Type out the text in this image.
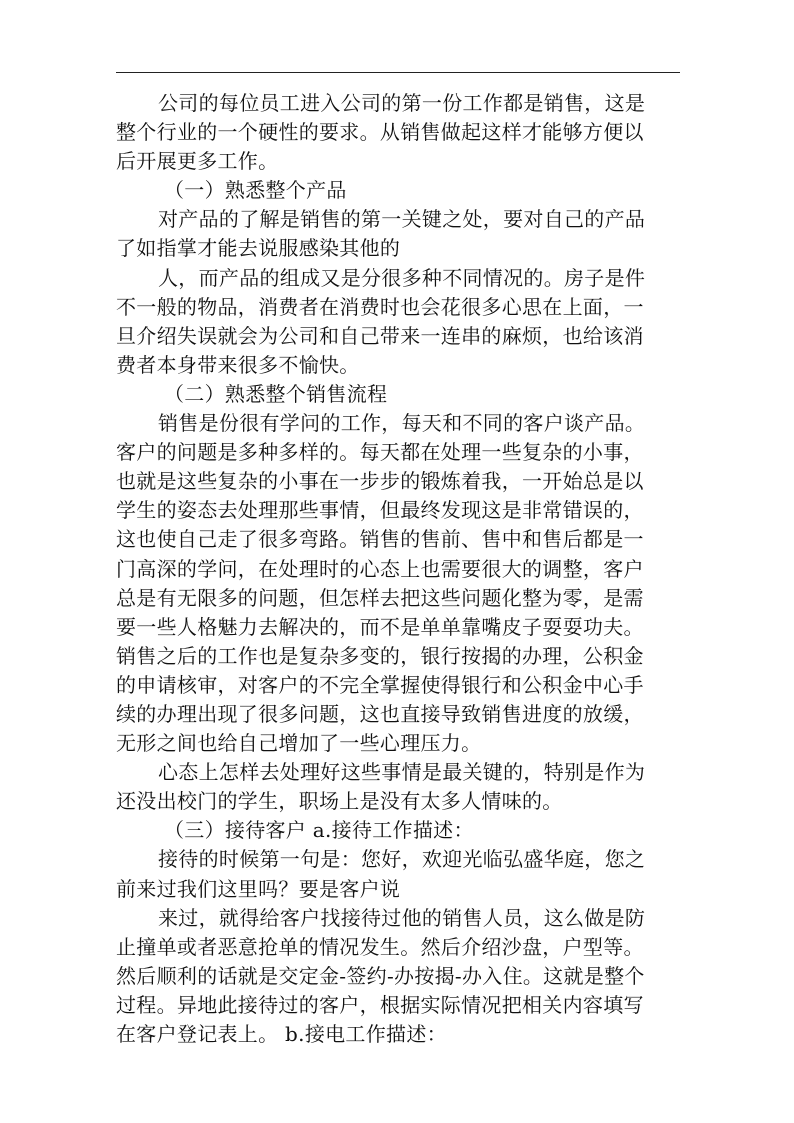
公司的每位员工进入公司的第一份工作都是销售，这是
整个行业的一个硬性的要求。从销售做起这样才能够方便以
后开展更多工作。
（一）熟悉整个产品
对产品的了解是销售的第一关键之处，要对自己的产品
了如指掌才能去说服感染其他的
人，而产品的组成又是分很多种不同情况的。房子是件
不一般的物品，消费者在消费时也会花很多心思在上面，一
旦介绍失误就会为公司和自己带来一连串的麻烦，也给该消
费者本身带来很多不愉快。
（二）熟悉整个销售流程
销售是份很有学问的工作，每天和不同的客户谈产品。
客户的问题是多种多样的。每天都在处理一些复杂的小事，
也就是这些复杂的小事在一步步的锻炼着我，一开始总是以
学生的姿态去处理那些事情，但最终发现这是非常错误的，
这也使自己走了很多弯路。销售的售前、售中和售后都是一
门高深的学问，在处理时的心态上也需要很大的调整，客户
总是有无限多的问题，但怎样去把这些问题化整为零，是需
要一些人格魅力去解决的，而不是单单靠嘴皮子耍耍功夫。
销售之后的工作也是复杂多变的，银行按揭的办理，公积金
的申请核审，对客户的不完全掌握使得银行和公积金中心手
续的办理出现了很多问题，这也直接导致销售进度的放缓，
无形之间也给自己增加了一些心理压力。
心态上怎样去处理好这些事情是最关键的，特别是作为
还没出校门的学生，职场上是没有太多人情味的。
（三）接待客户 a.接待工作描述：
接待的时候第一句是：您好，欢迎光临弘盛华庭，您之
前来过我们这里吗？要是客户说
来过，就得给客户找接待过他的销售人员，这么做是防
止撞单或者恶意抢单的情况发生。然后介绍沙盘，户型等。
然后顺利的话就是交定金-签约-办按揭-办入住。这就是整个
过程。异地此接待过的客户，根据实际情况把相关内容填写
在客户登记表上。 b.接电工作描述：
